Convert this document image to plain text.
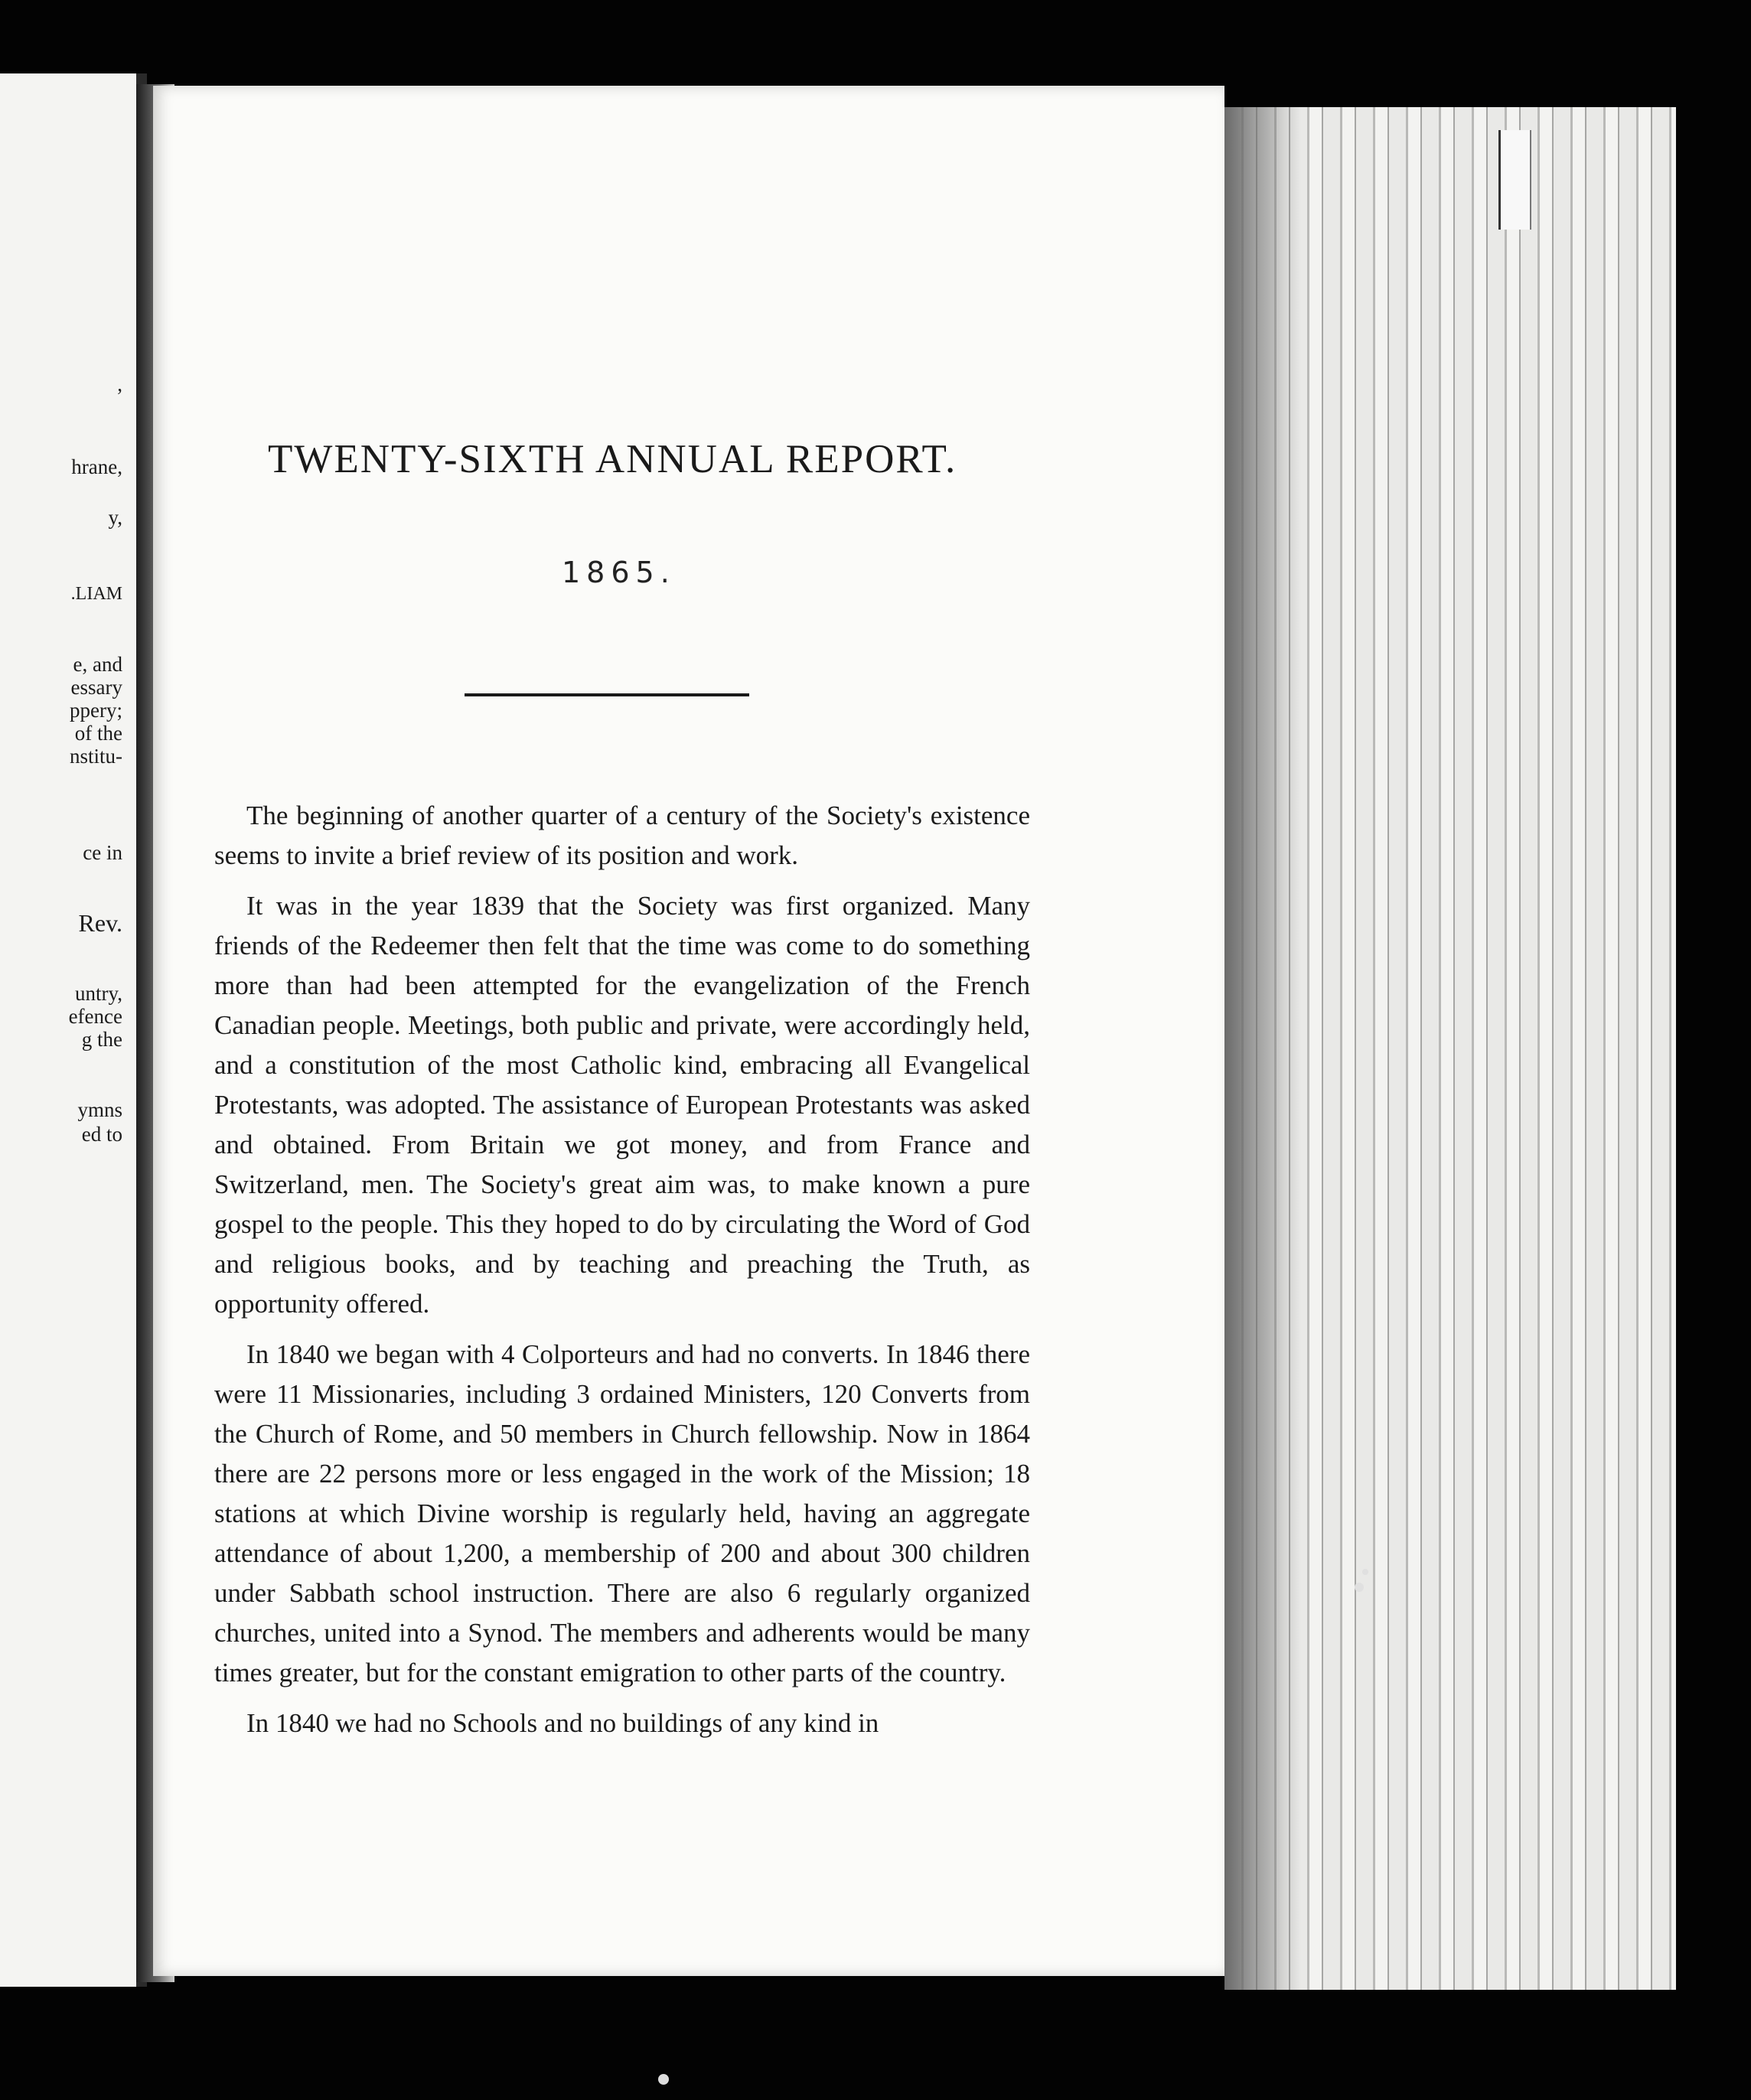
,
hrane,
y,
.LIAM
e, and
essary
ppery;
of the
nstitu-
ce in
Rev.
untry,
efence
g the
ymns
ed to
TWENTY-SIXTH ANNUAL REPORT.
1865.

The beginning of another quarter of a century of the Society's existence seems to invite a brief review of its position and work.

It was in the year 1839 that the Society was first organized. Many friends of the Redeemer then felt that the time was come to do something more than had been attempted for the evangelization of the French Canadian people. Meetings, both public and private, were accordingly held, and a constitution of the most Catholic kind, embracing all Evangelical Protestants, was adopted. The assistance of European Protestants was asked and obtained. From Britain we got money, and from France and Switzerland, men. The Society's great aim was, to make known a pure gospel to the people. This they hoped to do by circulating the Word of God and religious books, and by teaching and preaching the Truth, as opportunity offered.

In 1840 we began with 4 Colporteurs and had no converts. In 1846 there were 11 Missionaries, including 3 ordained Ministers, 120 Converts from the Church of Rome, and 50 members in Church fellowship. Now in 1864 there are 22 persons more or less engaged in the work of the Mission; 18 stations at which Divine worship is regularly held, having an aggregate attendance of about 1,200, a membership of 200 and about 300 children under Sabbath school instruction. There are also 6 regularly organized churches, united into a Synod. The members and adherents would be many times greater, but for the constant emigration to other parts of the country.

In 1840 we had no Schools and no buildings of any kind in
